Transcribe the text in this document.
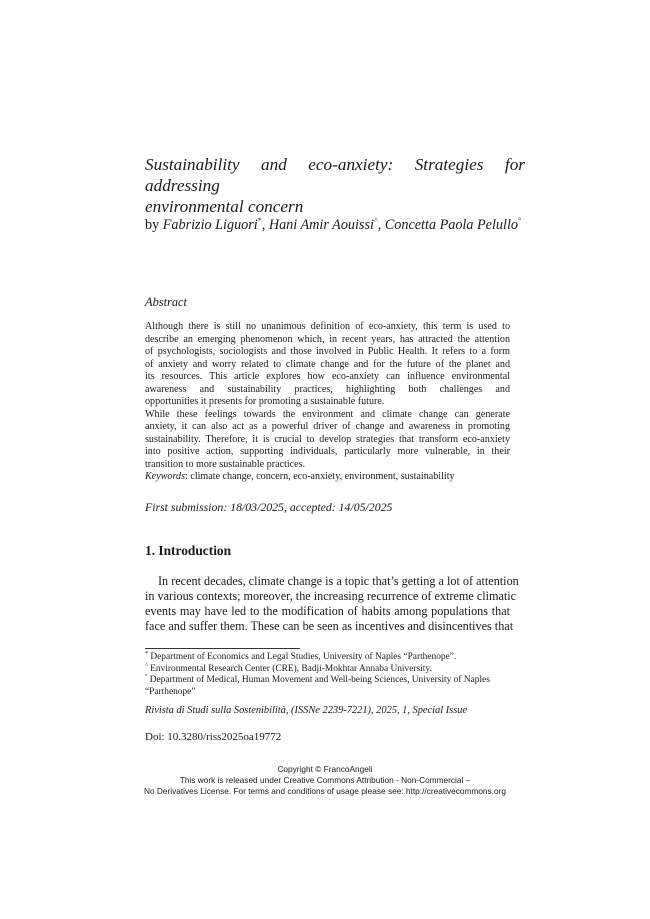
Sustainability and eco-anxiety: Strategies for addressing
environmental concern
by Fabrizio Liguori*, Hani Amir Aouissi^, Concetta Paola Pelullo°
Abstract
Although there is still no unanimous definition of eco-anxiety, this term is used to
describe an emerging phenomenon which, in recent years, has attracted the attention
of psychologists, sociologists and those involved in Public Health. It refers to a form
of anxiety and worry related to climate change and for the future of the planet and
its resources. This article explores how eco-anxiety can influence environmental
awareness and sustainability practices, highlighting both challenges and
opportunities it presents for promoting a sustainable future.
While these feelings towards the environment and climate change can generate
anxiety, it can also act as a powerful driver of change and awareness in promoting
sustainability. Therefore, it is crucial to develop strategies that transform eco-anxiety
into positive action, supporting individuals, particularly more vulnerable, in their
transition to more sustainable practices.
Keywords: climate change, concern, eco-anxiety, environment, sustainability
First submission: 18/03/2025, accepted: 14/05/2025
1. Introduction
In recent decades, climate change is a topic that’s getting a lot of attention
in various contexts; moreover, the increasing recurrence of extreme climatic
events may have led to the modification of habits among populations that
face and suffer them. These can be seen as incentives and disincentives that
* Department of Economics and Legal Studies, University of Naples “Parthenope”.
^ Environmental Research Center (CRE), Badji-Mokhtar Annaba University.
° Department of Medical, Human Movement and Well-being Sciences, University of Naples
“Parthenope”
Rivista di Studi sulla Sostenibilità, (ISSNe 2239-7221), 2025, 1, Special Issue
Doi: 10.3280/riss2025oa19772
Copyright © FrancoAngeli
This work is released under Creative Commons Attribution - Non-Commercial –
No Derivatives License. For terms and conditions of usage please see: http://creativecommons.org
